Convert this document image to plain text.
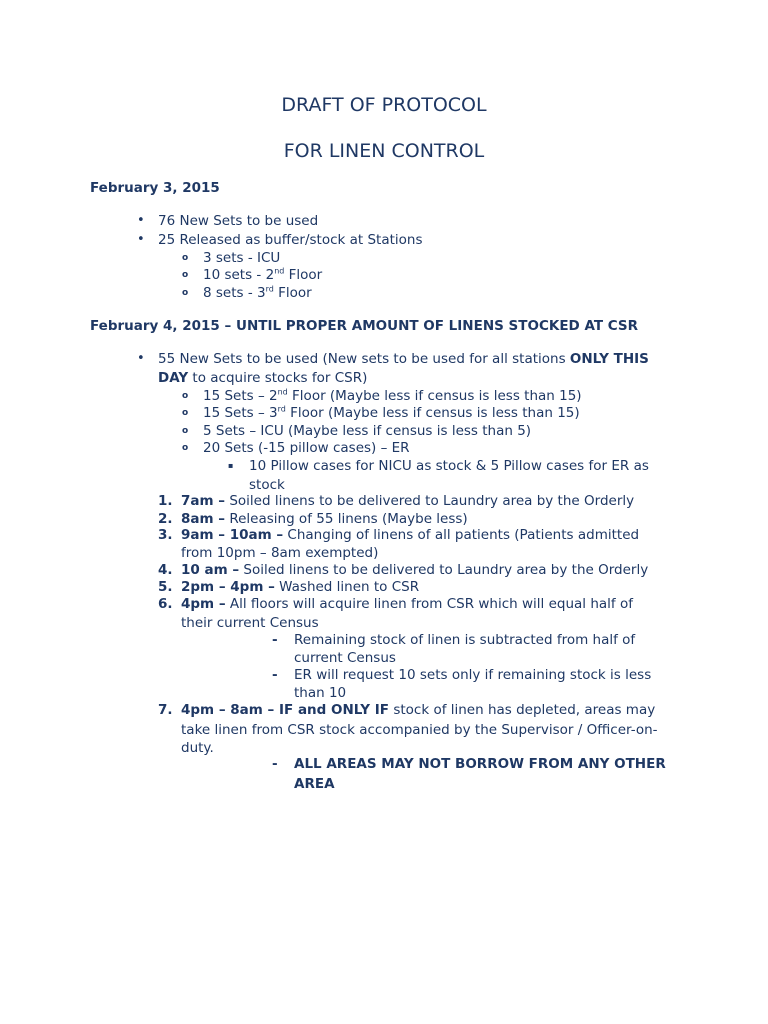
DRAFT OF PROTOCOL
FOR LINEN CONTROL
February 3, 2015
• 76 New Sets to be used
• 25 Released as buffer/stock at Stations
o 3 sets - ICU
o 10 sets - 2nd Floor
o 8 sets - 3rd Floor
February 4, 2015 – UNTIL PROPER AMOUNT OF LINENS STOCKED AT CSR
• 55 New Sets to be used (New sets to be used for all stations ONLY THIS
DAY to acquire stocks for CSR)
o 15 Sets – 2nd Floor (Maybe less if census is less than 15)
o 15 Sets – 3rd Floor (Maybe less if census is less than 15)
o 5 Sets – ICU (Maybe less if census is less than 5)
o 20 Sets (-15 pillow cases) – ER
▪ 10 Pillow cases for NICU as stock & 5 Pillow cases for ER as
stock
1. 7am – Soiled linens to be delivered to Laundry area by the Orderly
2. 8am – Releasing of 55 linens (Maybe less)
3. 9am – 10am – Changing of linens of all patients (Patients admitted
from 10pm – 8am exempted)
4. 10 am – Soiled linens to be delivered to Laundry area by the Orderly
5. 2pm – 4pm – Washed linen to CSR
6. 4pm – All floors will acquire linen from CSR which will equal half of
their current Census
- Remaining stock of linen is subtracted from half of
current Census
- ER will request 10 sets only if remaining stock is less
than 10
7. 4pm – 8am – IF and ONLY IF stock of linen has depleted, areas may
take linen from CSR stock accompanied by the Supervisor / Officer-on-
duty.
- ALL AREAS MAY NOT BORROW FROM ANY OTHER
AREA
